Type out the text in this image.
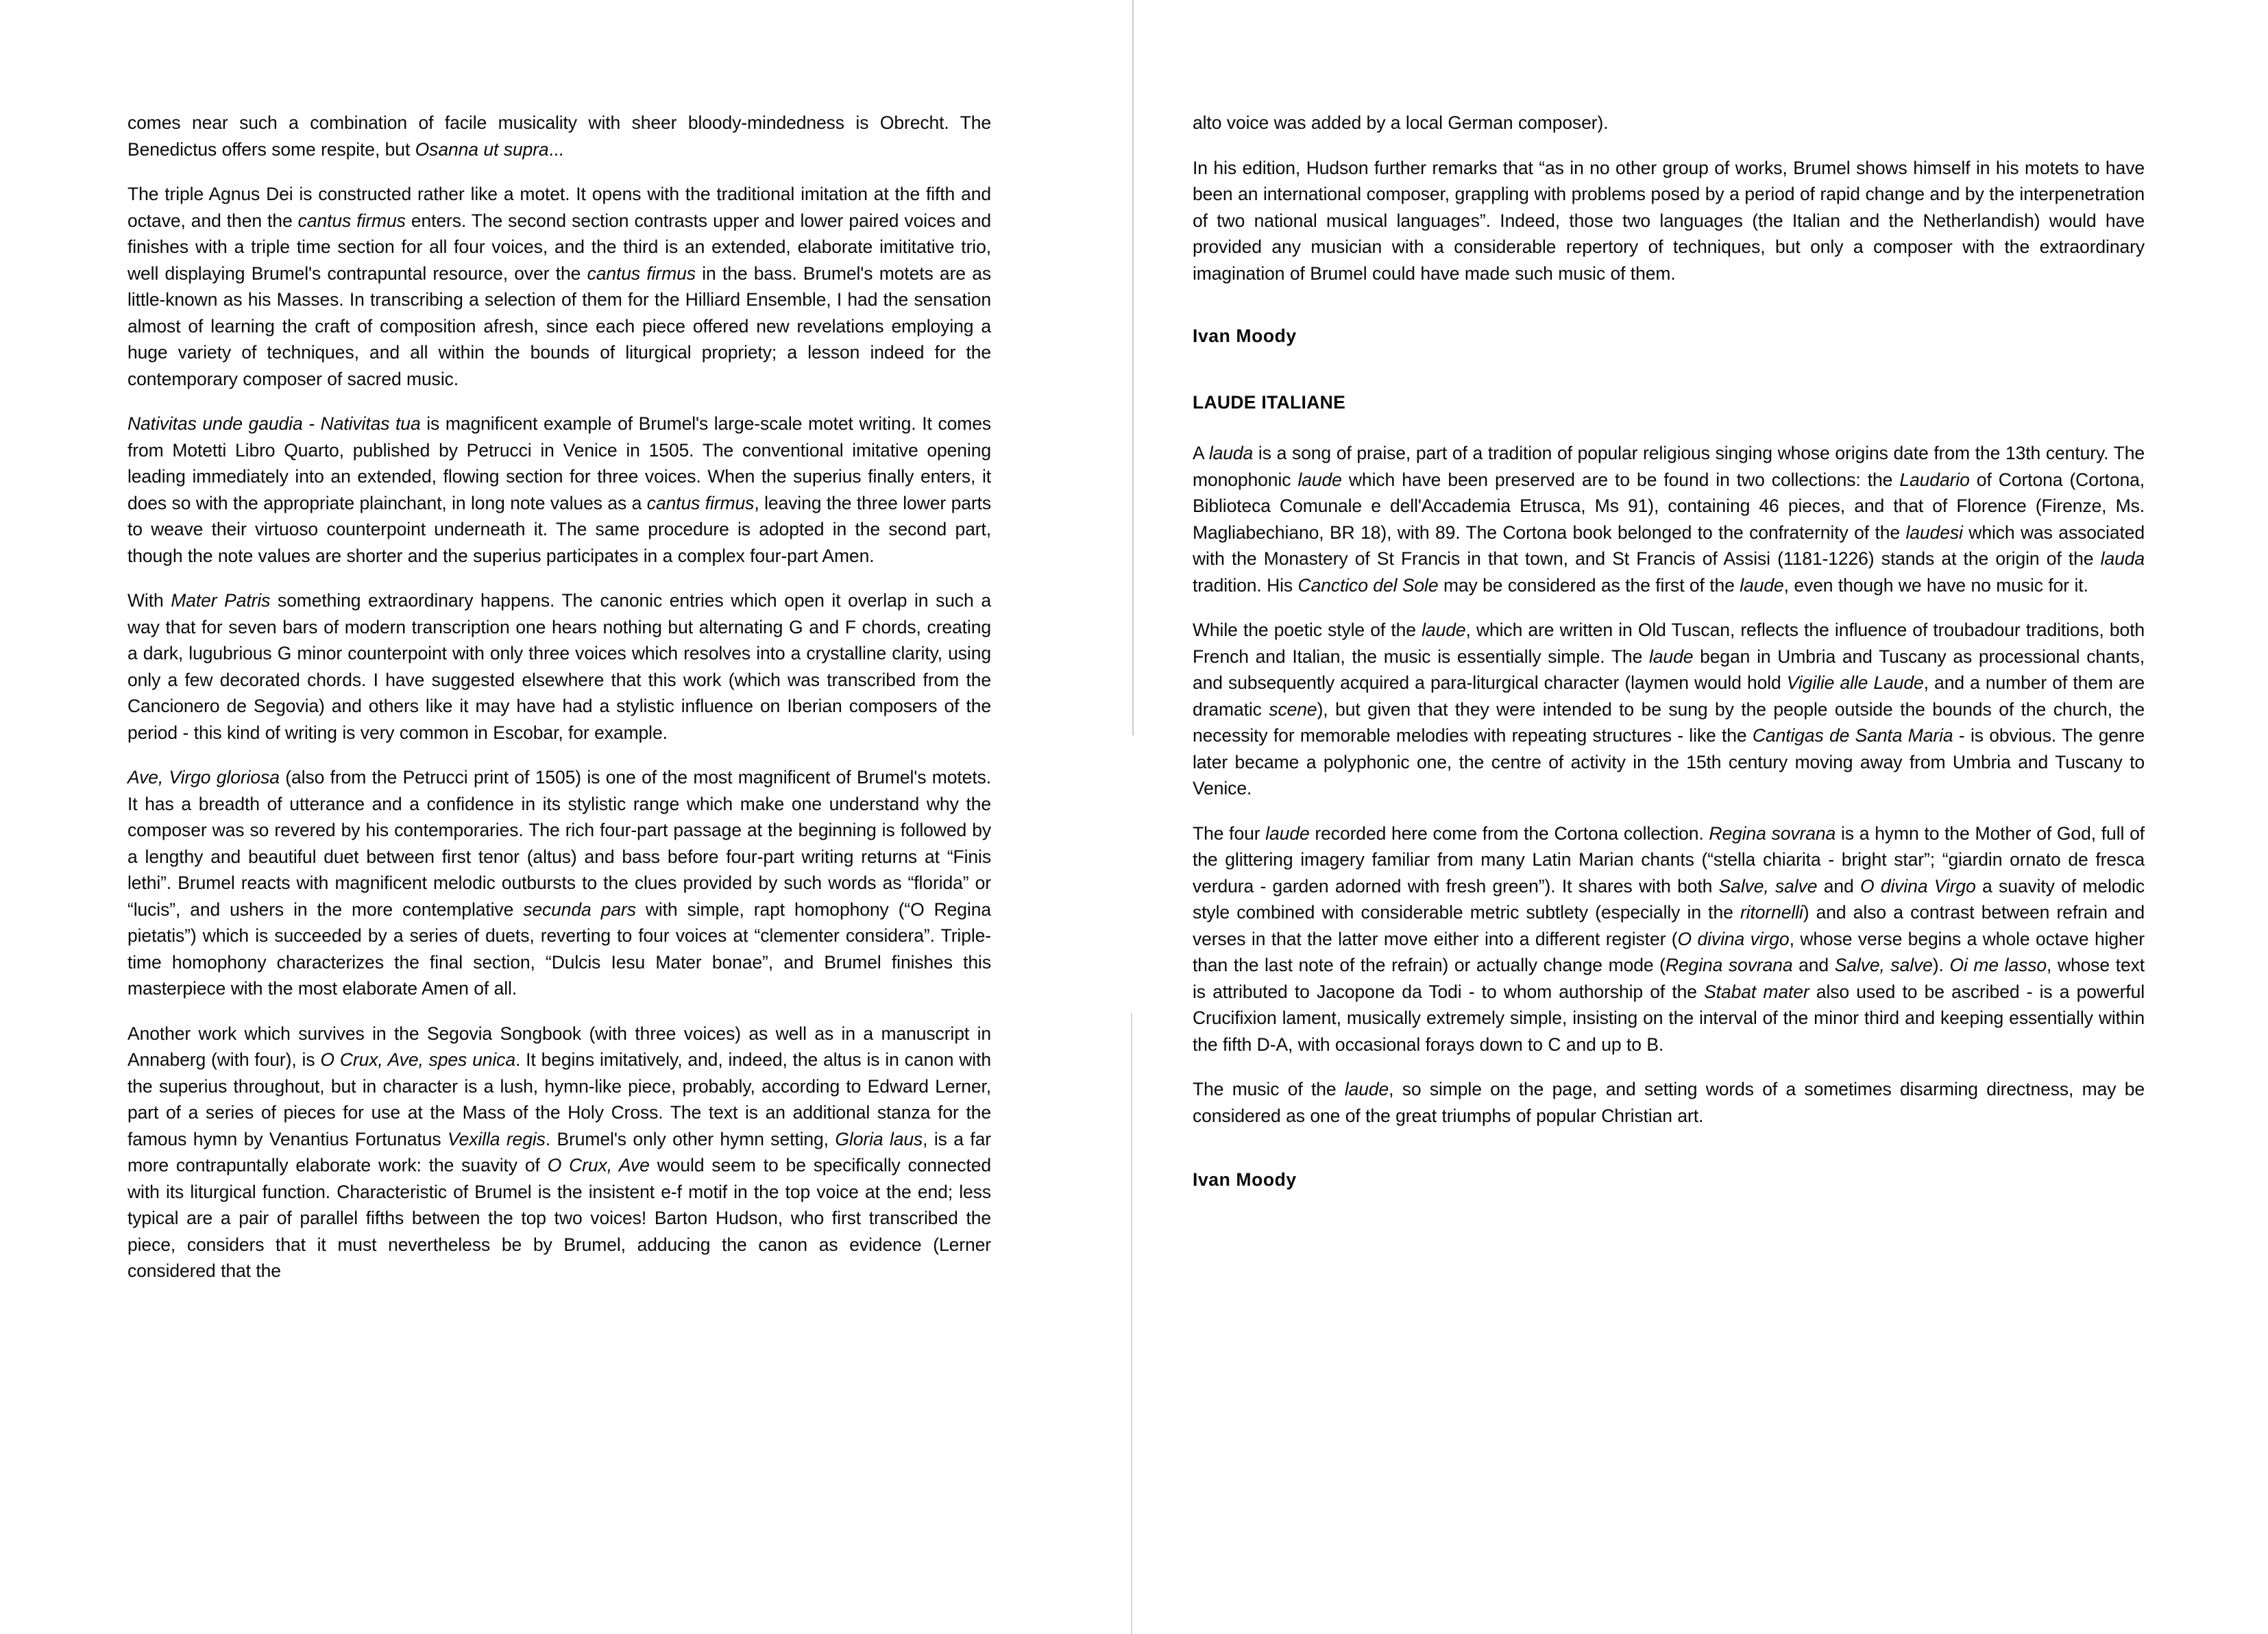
comes near such a combination of facile musicality with sheer bloody-mindedness is Obrecht. The Benedictus offers some respite, but Osanna ut supra...

The triple Agnus Dei is constructed rather like a motet. It opens with the traditional imitation at the fifth and octave, and then the cantus firmus enters. The second section contrasts upper and lower paired voices and finishes with a triple time section for all four voices, and the third is an extended, elaborate imititative trio, well displaying Brumel's contrapuntal resource, over the cantus firmus in the bass. Brumel's motets are as little-known as his Masses. In transcribing a selection of them for the Hilliard Ensemble, I had the sensation almost of learning the craft of composition afresh, since each piece offered new revelations employing a huge variety of techniques, and all within the bounds of liturgical propriety; a lesson indeed for the contemporary composer of sacred music.

Nativitas unde gaudia - Nativitas tua is magnificent example of Brumel's large-scale motet writing. It comes from Motetti Libro Quarto, published by Petrucci in Venice in 1505. The conventional imitative opening leading immediately into an extended, flowing section for three voices. When the superius finally enters, it does so with the appropriate plainchant, in long note values as a cantus firmus, leaving the three lower parts to weave their virtuoso counterpoint underneath it. The same procedure is adopted in the second part, though the note values are shorter and the superius participates in a complex four-part Amen.

With Mater Patris something extraordinary happens. The canonic entries which open it overlap in such a way that for seven bars of modern transcription one hears nothing but alternating G and F chords, creating a dark, lugubrious G minor counterpoint with only three voices which resolves into a crystalline clarity, using only a few decorated chords. I have suggested elsewhere that this work (which was transcribed from the Cancionero de Segovia) and others like it may have had a stylistic influence on Iberian composers of the period - this kind of writing is very common in Escobar, for example.

Ave, Virgo gloriosa (also from the Petrucci print of 1505) is one of the most magnificent of Brumel's motets. It has a breadth of utterance and a confidence in its stylistic range which make one understand why the composer was so revered by his contemporaries. The rich four-part passage at the beginning is followed by a lengthy and beautiful duet between first tenor (altus) and bass before four-part writing returns at “Finis lethi”. Brumel reacts with magnificent melodic outbursts to the clues provided by such words as “florida” or “lucis”, and ushers in the more contemplative secunda pars with simple, rapt homophony (“O Regina pietatis”) which is succeeded by a series of duets, reverting to four voices at “clementer considera”. Triple-time homophony characterizes the final section, “Dulcis Iesu Mater bonae”, and Brumel finishes this masterpiece with the most elaborate Amen of all.

Another work which survives in the Segovia Songbook (with three voices) as well as in a manuscript in Annaberg (with four), is O Crux, Ave, spes unica. It begins imitatively, and, indeed, the altus is in canon with the superius throughout, but in character is a lush, hymn-like piece, probably, according to Edward Lerner, part of a series of pieces for use at the Mass of the Holy Cross. The text is an additional stanza for the famous hymn by Venantius Fortunatus Vexilla regis. Brumel's only other hymn setting, Gloria laus, is a far more contrapuntally elaborate work: the suavity of O Crux, Ave would seem to be specifically connected with its liturgical function. Characteristic of Brumel is the insistent e-f motif in the top voice at the end; less typical are a pair of parallel fifths between the top two voices! Barton Hudson, who first transcribed the piece, considers that it must nevertheless be by Brumel, adducing the canon as evidence (Lerner considered that the

alto voice was added by a local German composer).

In his edition, Hudson further remarks that “as in no other group of works, Brumel shows himself in his motets to have been an international composer, grappling with problems posed by a period of rapid change and by the interpenetration of two national musical languages”. Indeed, those two languages (the Italian and the Netherlandish) would have provided any musician with a considerable repertory of techniques, but only a composer with the extraordinary imagination of Brumel could have made such music of them.

Ivan Moody
LAUDE ITALIANE

A lauda is a song of praise, part of a tradition of popular religious singing whose origins date from the 13th century. The monophonic laude which have been preserved are to be found in two collections: the Laudario of Cortona (Cortona, Biblioteca Comunale e dell'Accademia Etrusca, Ms 91), containing 46 pieces, and that of Florence (Firenze, Ms. Magliabechiano, BR 18), with 89. The Cortona book belonged to the confraternity of the laudesi which was associated with the Monastery of St Francis in that town, and St Francis of Assisi (1181-1226) stands at the origin of the lauda tradition. His Canctico del Sole may be considered as the first of the laude, even though we have no music for it.

While the poetic style of the laude, which are written in Old Tuscan, reflects the influence of troubadour traditions, both French and Italian, the music is essentially simple. The laude began in Umbria and Tuscany as processional chants, and subsequently acquired a para-liturgical character (laymen would hold Vigilie alle Laude, and a number of them are dramatic scene), but given that they were intended to be sung by the people outside the bounds of the church, the necessity for memorable melodies with repeating structures - like the Cantigas de Santa Maria - is obvious. The genre later became a polyphonic one, the centre of activity in the 15th century moving away from Umbria and Tuscany to Venice.

The four laude recorded here come from the Cortona collection. Regina sovrana is a hymn to the Mother of God, full of the glittering imagery familiar from many Latin Marian chants (“stella chiarita - bright star”; “giardin ornato de fresca verdura - garden adorned with fresh green”). It shares with both Salve, salve and O divina Virgo a suavity of melodic style combined with considerable metric subtlety (especially in the ritornelli) and also a contrast between refrain and verses in that the latter move either into a different register (O divina virgo, whose verse begins a whole octave higher than the last note of the refrain) or actually change mode (Regina sovrana and Salve, salve). Oi me lasso, whose text is attributed to Jacopone da Todi - to whom authorship of the Stabat mater also used to be ascribed - is a powerful Crucifixion lament, musically extremely simple, insisting on the interval of the minor third and keeping essentially within the fifth D-A, with occasional forays down to C and up to B.

The music of the laude, so simple on the page, and setting words of a sometimes disarming directness, may be considered as one of the great triumphs of popular Christian art.

Ivan Moody
